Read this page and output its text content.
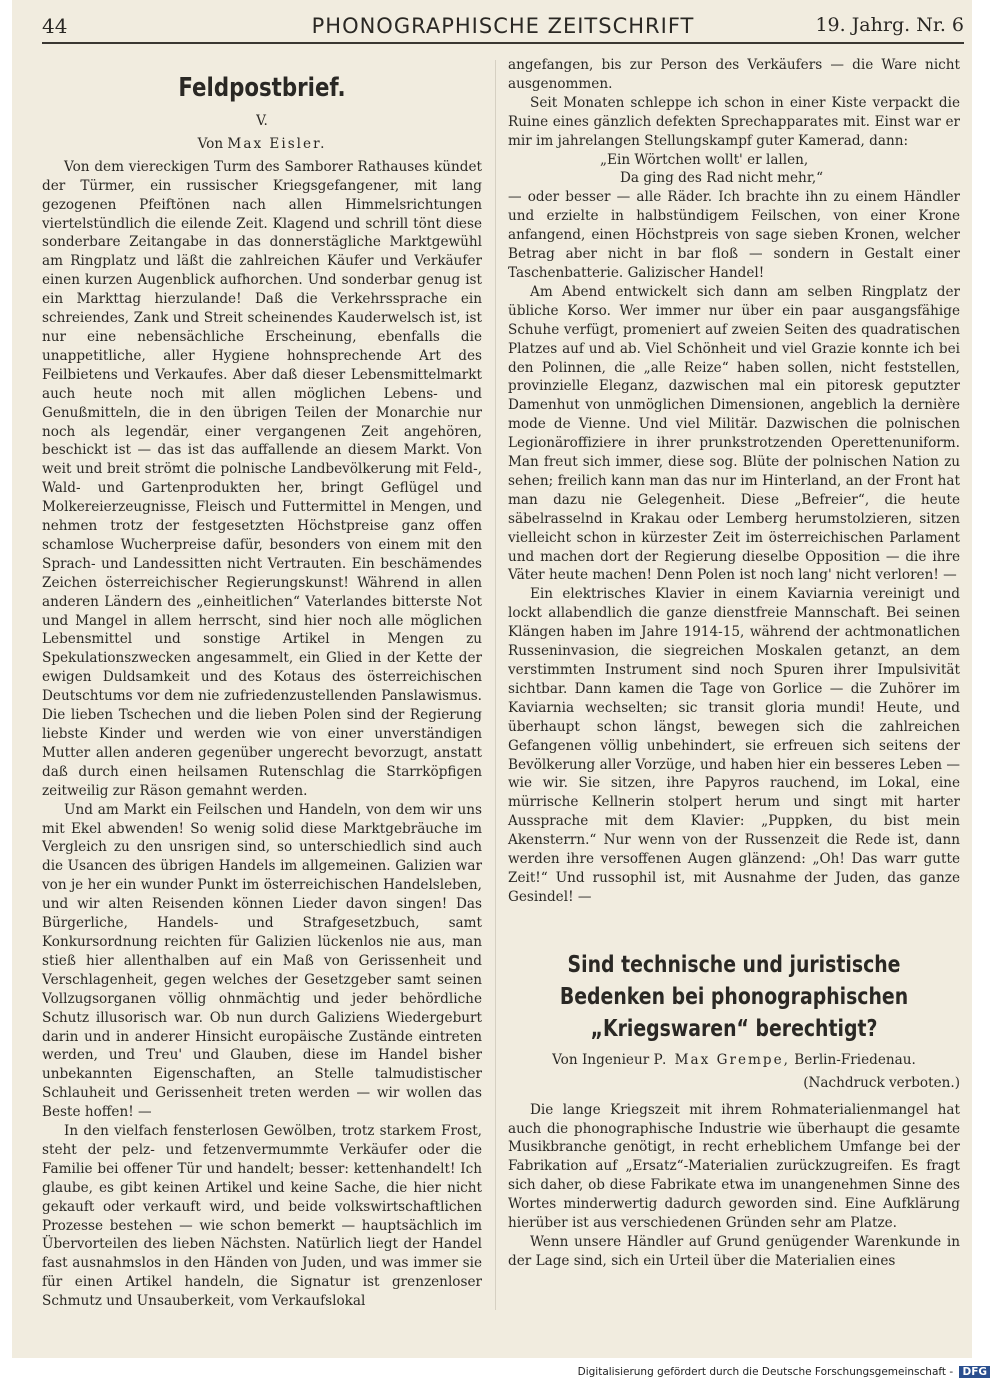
44	PHONOGRAPHISCHE ZEITSCHRIFT	19. Jahrg. Nr. 6
Feldpostbrief.
V.
Von Max Eisler.

Von dem viereckigen Turm des Samborer Rathauses kündet der Türmer, ein russischer Kriegsgefangener, mit lang gezogenen Pfeiftönen nach allen Himmelsrichtungen viertelstündlich die eilende Zeit. Klagend und schrill tönt diese sonderbare Zeitangabe in das donnerstägliche Marktgewühl am Ringplatz und läßt die zahlreichen Käufer und Verkäufer einen kurzen Augenblick aufhorchen. Und sonderbar genug ist ein Markttag hierzulande! Daß die Verkehrssprache ein schreiendes, Zank und Streit scheinendes Kauderwelsch ist, ist nur eine nebensächliche Erscheinung, ebenfalls die unappetitliche, aller Hygiene hohnsprechende Art des Feilbietens und Verkaufes. Aber daß dieser Lebensmittelmarkt auch heute noch mit allen möglichen Lebens- und Genußmitteln, die in den übrigen Teilen der Monarchie nur noch als legendär, einer vergangenen Zeit angehören, beschickt ist — das ist das auffallende an diesem Markt. Von weit und breit strömt die polnische Landbevölkerung mit Feld-, Wald- und Gartenprodukten her, bringt Geflügel und Molkereierzeugnisse, Fleisch und Futtermittel in Mengen, und nehmen trotz der festgesetzten Höchstpreise ganz offen schamlose Wucherpreise dafür, besonders von einem mit den Sprach- und Landessitten nicht Vertrauten. Ein beschämendes Zeichen österreichischer Regierungskunst! Während in allen anderen Ländern des „einheitlichen“ Vaterlandes bitterste Not und Mangel in allem herrscht, sind hier noch alle möglichen Lebensmittel und sonstige Artikel in Mengen zu Spekulationszwecken angesammelt, ein Glied in der Kette der ewigen Duldsamkeit und des Kotaus des österreichischen Deutschtums vor dem nie zufriedenzustellenden Panslawismus. Die lieben Tschechen und die lieben Polen sind der Regierung liebste Kinder und werden wie von einer unverständigen Mutter allen anderen gegenüber ungerecht bevorzugt, anstatt daß durch einen heilsamen Rutenschlag die Starrköpfigen zeitweilig zur Räson gemahnt werden.

Und am Markt ein Feilschen und Handeln, von dem wir uns mit Ekel abwenden! So wenig solid diese Marktgebräuche im Vergleich zu den unsrigen sind, so unterschiedlich sind auch die Usancen des übrigen Handels im allgemeinen. Galizien war von je her ein wunder Punkt im österreichischen Handelsleben, und wir alten Reisenden können Lieder davon singen! Das Bürgerliche, Handels- und Strafgesetzbuch, samt Konkursordnung reichten für Galizien lückenlos nie aus, man stieß hier allenthalben auf ein Maß von Gerissenheit und Verschlagenheit, gegen welches der Gesetzgeber samt seinen Vollzugsorganen völlig ohnmächtig und jeder behördliche Schutz illusorisch war. Ob nun durch Galiziens Wiedergeburt darin und in anderer Hinsicht europäische Zustände eintreten werden, und Treu' und Glauben, diese im Handel bisher unbekannten Eigenschaften, an Stelle talmudistischer Schlauheit und Gerissenheit treten werden — wir wollen das Beste hoffen! —

In den vielfach fensterlosen Gewölben, trotz starkem Frost, steht der pelz- und fetzenvermummte Verkäufer oder die Familie bei offener Tür und handelt; besser: kettenhandelt! Ich glaube, es gibt keinen Artikel und keine Sache, die hier nicht gekauft oder verkauft wird, und beide volkswirtschaftlichen Prozesse bestehen — wie schon bemerkt — hauptsächlich im Übervorteilen des lieben Nächsten. Natürlich liegt der Handel fast ausnahmslos in den Händen von Juden, und was immer sie für einen Artikel handeln, die Signatur ist grenzenloser Schmutz und Unsauberkeit, vom Verkaufslokal

angefangen, bis zur Person des Verkäufers — die Ware nicht ausgenommen.

Seit Monaten schleppe ich schon in einer Kiste verpackt die Ruine eines gänzlich defekten Sprechapparates mit. Einst war er mir im jahrelangen Stellungskampf guter Kamerad, dann:

„Ein Wörtchen wollt' er lallen,

Da ging des Rad nicht mehr,“

— oder besser — alle Räder. Ich brachte ihn zu einem Händler und erzielte in halbstündigem Feilschen, von einer Krone anfangend, einen Höchstpreis von sage sieben Kronen, welcher Betrag aber nicht in bar floß — sondern in Gestalt einer Taschenbatterie. Galizischer Handel!

Am Abend entwickelt sich dann am selben Ringplatz der übliche Korso. Wer immer nur über ein paar ausgangsfähige Schuhe verfügt, promeniert auf zweien Seiten des quadratischen Platzes auf und ab. Viel Schönheit und viel Grazie konnte ich bei den Polinnen, die „alle Reize“ haben sollen, nicht feststellen, provinzielle Eleganz, dazwischen mal ein pitoresk geputzter Damenhut von unmöglichen Dimensionen, angeblich la dernière mode de Vienne. Und viel Militär. Dazwischen die polnischen Legionäroffiziere in ihrer prunkstrotzenden Operettenuniform. Man freut sich immer, diese sog. Blüte der polnischen Nation zu sehen; freilich kann man das nur im Hinterland, an der Front hat man dazu nie Gelegenheit. Diese „Befreier“, die heute säbelrasselnd in Krakau oder Lemberg herumstolzieren, sitzen vielleicht schon in kürzester Zeit im österreichischen Parlament und machen dort der Regierung dieselbe Opposition — die ihre Väter heute machen! Denn Polen ist noch lang' nicht verloren! —

Ein elektrisches Klavier in einem Kaviarnia vereinigt und lockt allabendlich die ganze dienstfreie Mannschaft. Bei seinen Klängen haben im Jahre 1914-15, während der achtmonatlichen Russeninvasion, die siegreichen Moskalen getanzt, an dem verstimmten Instrument sind noch Spuren ihrer Impulsivität sichtbar. Dann kamen die Tage von Gorlice — die Zuhörer im Kaviarnia wechselten; sic transit gloria mundi! Heute, und überhaupt schon längst, bewegen sich die zahlreichen Gefangenen völlig unbehindert, sie erfreuen sich seitens der Bevölkerung aller Vorzüge, und haben hier ein besseres Leben — wie wir. Sie sitzen, ihre Papyros rauchend, im Lokal, eine mürrische Kellnerin stolpert herum und singt mit harter Aussprache mit dem Klavier: „Puppken, du bist mein Akensterrn.“ Nur wenn von der Russenzeit die Rede ist, dann werden ihre versoffenen Augen glänzend: „Oh! Das warr gutte Zeit!“ Und russophil ist, mit Ausnahme der Juden, das ganze Gesindel! —

Sind technische und juristische Bedenken bei phonographischen „Kriegswaren“ berechtigt?
Von Ingenieur P. Max Grempe, Berlin-Friedenau.
(Nachdruck verboten.)

Die lange Kriegszeit mit ihrem Rohmaterialienmangel hat auch die phonographische Industrie wie überhaupt die gesamte Musikbranche genötigt, in recht erheblichem Umfange bei der Fabrikation auf „Ersatz“-Materialien zurückzugreifen. Es fragt sich daher, ob diese Fabrikate etwa im unangenehmen Sinne des Wortes minderwertig dadurch geworden sind. Eine Aufklärung hierüber ist aus verschiedenen Gründen sehr am Platze.

Wenn unsere Händler auf Grund genügender Warenkunde in der Lage sind, sich ein Urteil über die Materialien eines

Digitalisierung gefördert durch die Deutsche Forschungsgemeinschaft - DFG
